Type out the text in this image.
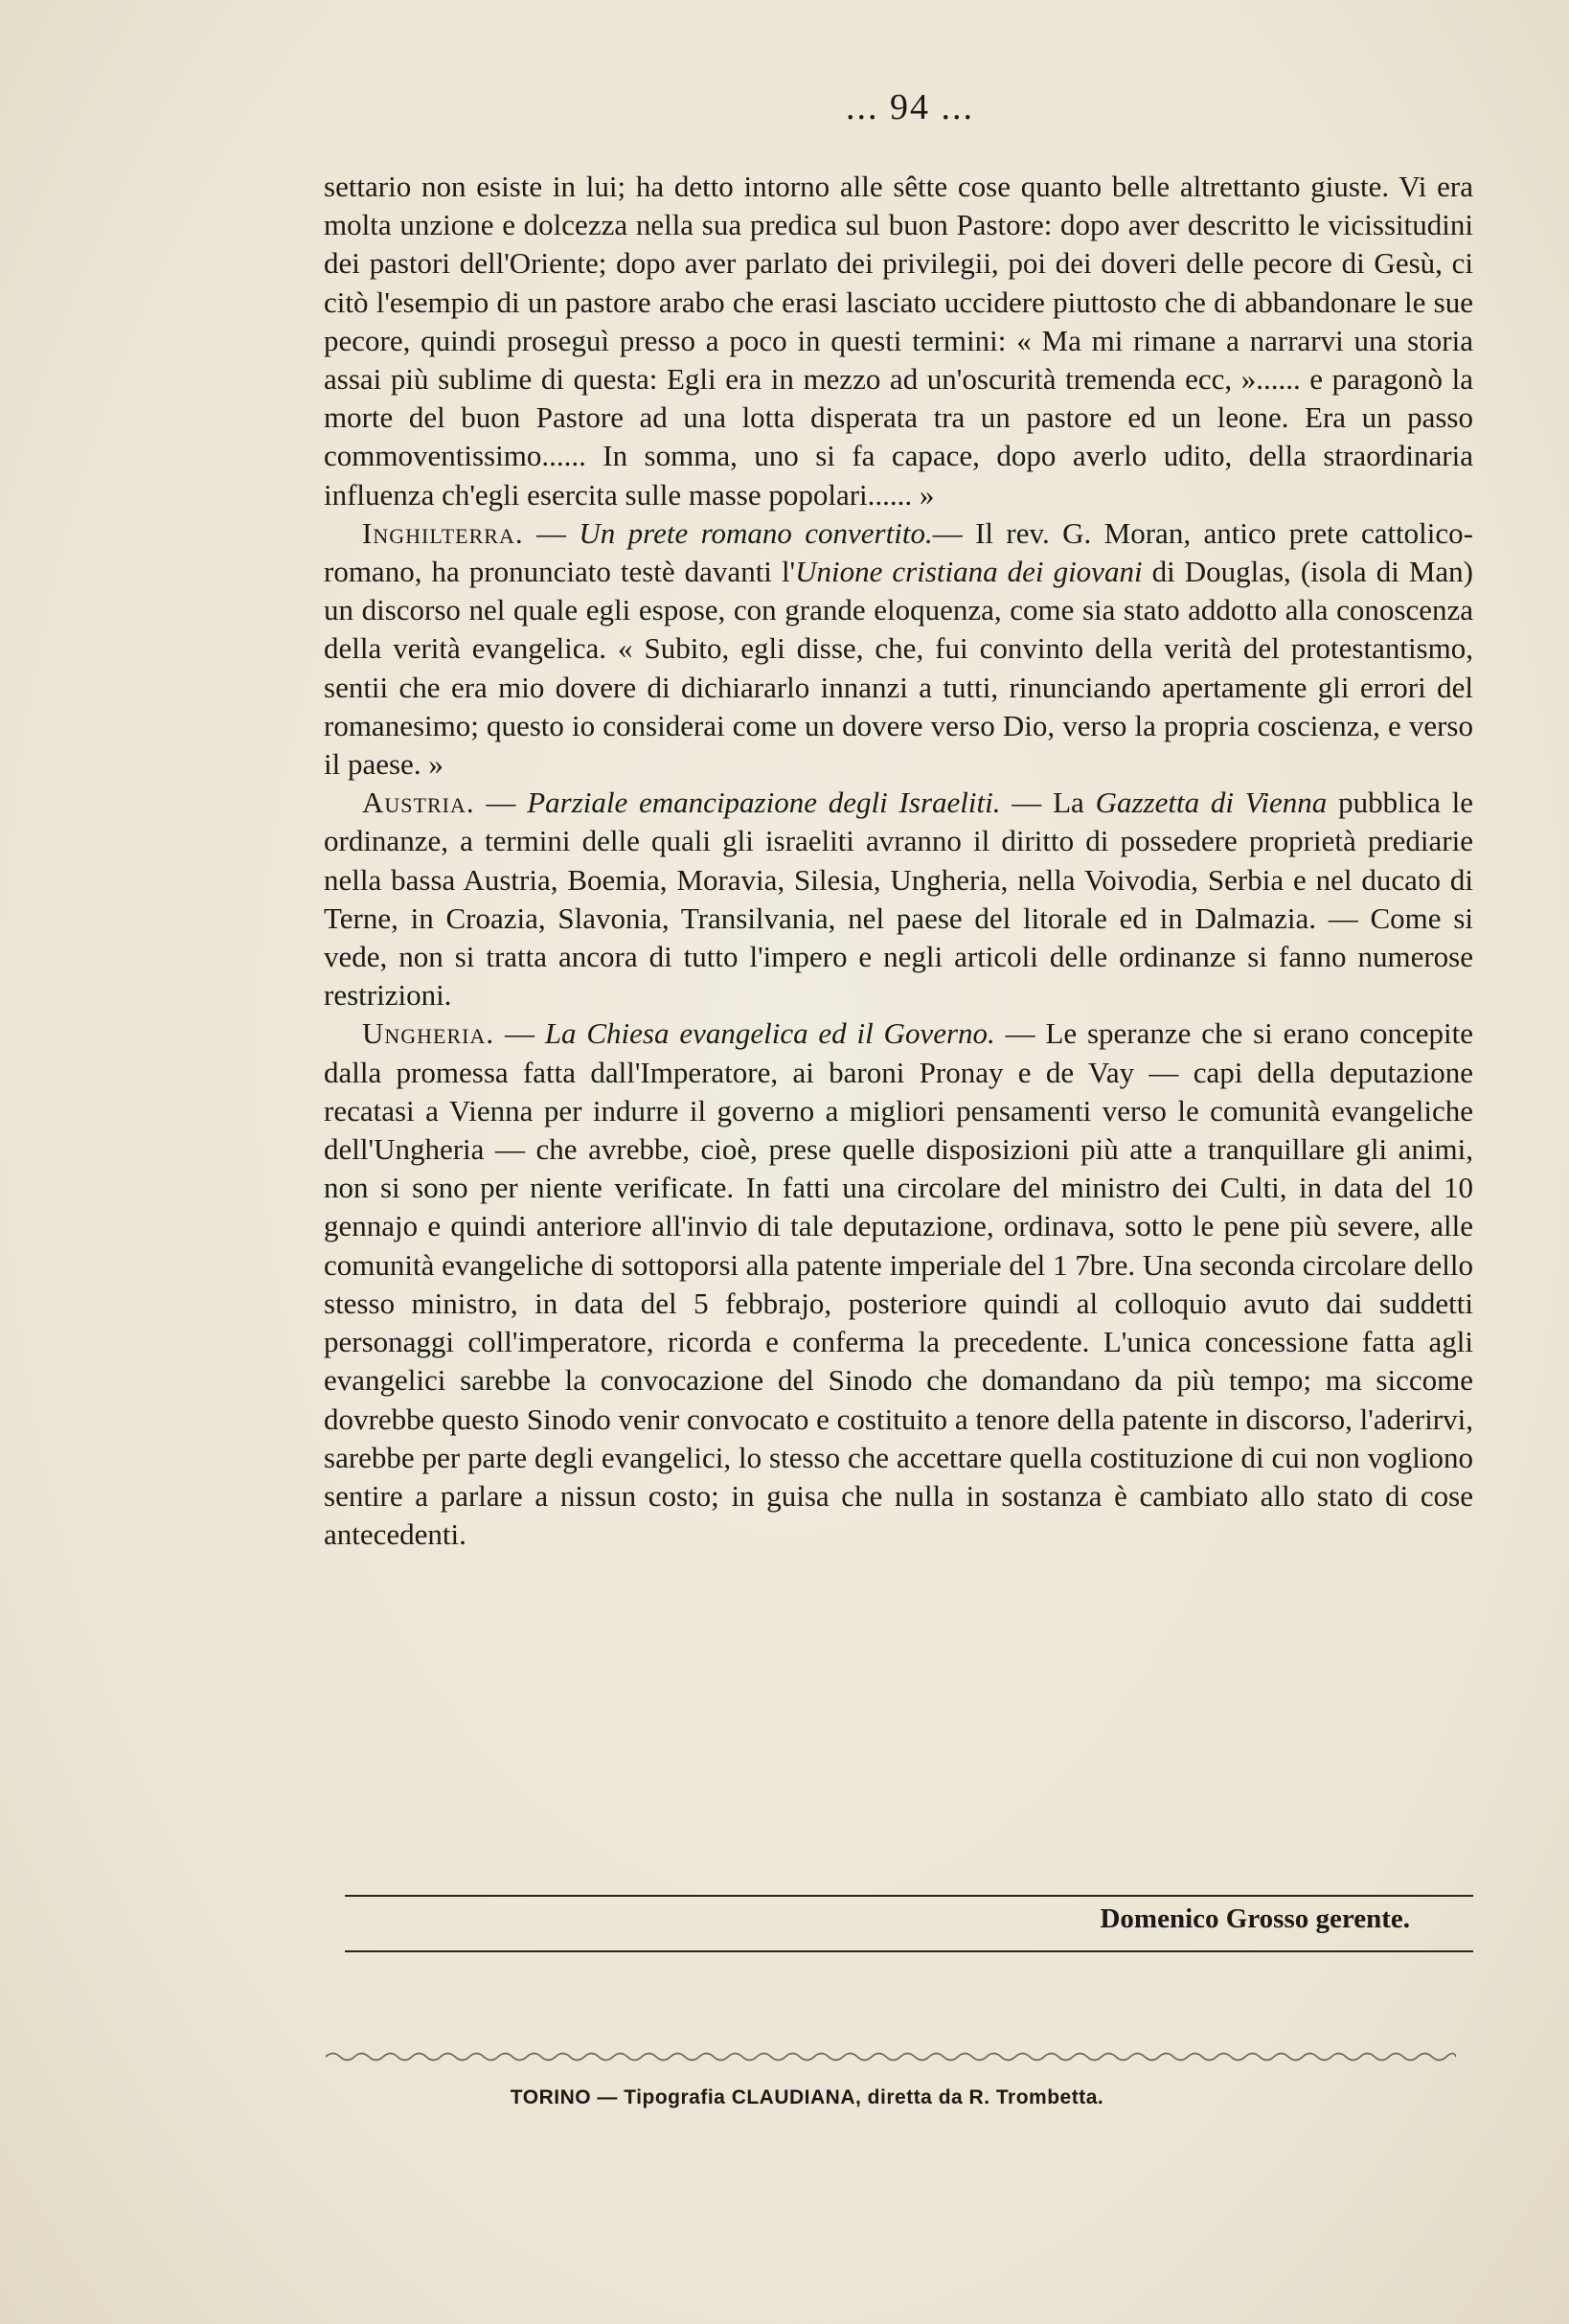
... 94 ...

settario non esiste in lui; ha detto intorno alle sêtte cose quanto belle altrettanto giuste. Vi era molta unzione e dolcezza nella sua predica sul buon Pastore: dopo aver descritto le vicissitudini dei pastori dell'Oriente; dopo aver parlato dei privilegii, poi dei doveri delle pecore di Gesù, ci citò l'esempio di un pastore arabo che erasi lasciato uccidere piuttosto che di abbandonare le sue pecore, quindi proseguì presso a poco in questi termini: « Ma mi rimane a narrarvi una storia assai più sublime di questa: Egli era in mezzo ad un'oscurità tremenda ecc, »...... e paragonò la morte del buon Pastore ad una lotta disperata tra un pastore ed un leone. Era un passo commoventissimo...... In somma, uno si fa capace, dopo averlo udito, della straordinaria influenza ch'egli esercita sulle masse popolari...... »

Inghilterra. — Un prete romano convertito.— Il rev. G. Moran, antico prete cattolico-romano, ha pronunciato testè davanti l'Unione cristiana dei giovani di Douglas, (isola di Man) un discorso nel quale egli espose, con grande eloquenza, come sia stato addotto alla conoscenza della verità evangelica. « Subito, egli disse, che, fui convinto della verità del protestantismo, sentii che era mio dovere di dichiararlo innanzi a tutti, rinunciando apertamente gli errori del romanesimo; questo io considerai come un dovere verso Dio, verso la propria coscienza, e verso il paese. »

Austria. — Parziale emancipazione degli Israeliti. — La Gazzetta di Vienna pubblica le ordinanze, a termini delle quali gli israeliti avranno il diritto di possedere proprietà prediarie nella bassa Austria, Boemia, Moravia, Silesia, Ungheria, nella Voivodia, Serbia e nel ducato di Terne, in Croazia, Slavonia, Transilvania, nel paese del litorale ed in Dalmazia. — Come si vede, non si tratta ancora di tutto l'impero e negli articoli delle ordinanze si fanno numerose restrizioni.

Ungheria. — La Chiesa evangelica ed il Governo. — Le speranze che si erano concepite dalla promessa fatta dall'Imperatore, ai baroni Pronay e de Vay — capi della deputazione recatasi a Vienna per indurre il governo a migliori pensamenti verso le comunità evangeliche dell'Ungheria — che avrebbe, cioè, prese quelle disposizioni più atte a tranquillare gli animi, non si sono per niente verificate. In fatti una circolare del ministro dei Culti, in data del 10 gennajo e quindi anteriore all'invio di tale deputazione, ordinava, sotto le pene più severe, alle comunità evangeliche di sottoporsi alla patente imperiale del 1 7bre. Una seconda circolare dello stesso ministro, in data del 5 febbrajo, posteriore quindi al colloquio avuto dai suddetti personaggi coll'imperatore, ricorda e conferma la precedente. L'unica concessione fatta agli evangelici sarebbe la convocazione del Sinodo che domandano da più tempo; ma siccome dovrebbe questo Sinodo venir convocato e costituito a tenore della patente in discorso, l'aderirvi, sarebbe per parte degli evangelici, lo stesso che accettare quella costituzione di cui non vogliono sentire a parlare a nissun costo; in guisa che nulla in sostanza è cambiato allo stato di cose antecedenti.

Domenico Grosso gerente.
TORINO — Tipografia CLAUDIANA, diretta da R. Trombetta.
